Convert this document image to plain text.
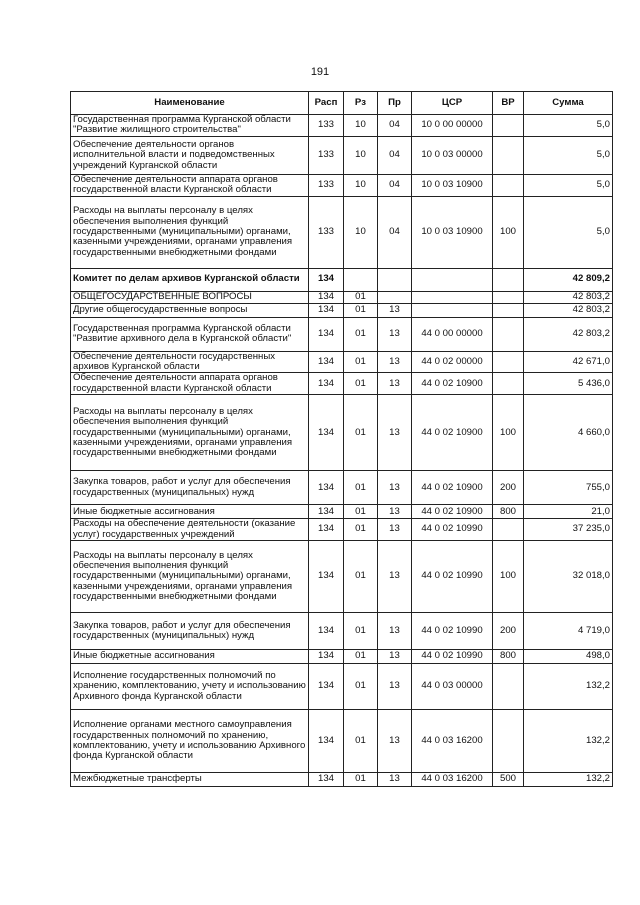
191
Наименование	Расп	Рз	Пр	ЦСР	ВР	Сумма
Государственная программа Курганской области "Развитие жилищного строительства"	133	10	04	10 0 00 00000		5,0
Обеспечение деятельности органов исполнительной власти и подведомственных учреждений Курганской области	133	10	04	10 0 03 00000		5,0
Обеспечение деятельности аппарата органов государственной власти Курганской области	133	10	04	10 0 03 10900		5,0
Расходы на выплаты персоналу в целях обеспечения выполнения функций государственными (муниципальными) органами, казенными учреждениями, органами управления государственными внебюджетными фондами	133	10	04	10 0 03 10900	100	5,0
Комитет по делам архивов Курганской области	134					42 809,2
ОБЩЕГОСУДАРСТВЕННЫЕ ВОПРОСЫ	134	01				42 803,2
Другие общегосударственные вопросы	134	01	13			42 803,2
Государственная программа Курганской области "Развитие архивного дела в Курганской области"	134	01	13	44 0 00 00000		42 803,2
Обеспечение деятельности государственных архивов Курганской области	134	01	13	44 0 02 00000		42 671,0
Обеспечение деятельности аппарата органов государственной власти Курганской области	134	01	13	44 0 02 10900		5 436,0
Расходы на выплаты персоналу в целях обеспечения выполнения функций государственными (муниципальными) органами, казенными учреждениями, органами управления государственными внебюджетными фондами	134	01	13	44 0 02 10900	100	4 660,0
Закупка товаров, работ и услуг для обеспечения государственных (муниципальных) нужд	134	01	13	44 0 02 10900	200	755,0
Иные бюджетные ассигнования	134	01	13	44 0 02 10900	800	21,0
Расходы на обеспечение деятельности (оказание услуг) государственных учреждений	134	01	13	44 0 02 10990		37 235,0
Расходы на выплаты персоналу в целях обеспечения выполнения функций государственными (муниципальными) органами, казенными учреждениями, органами управления государственными внебюджетными фондами	134	01	13	44 0 02 10990	100	32 018,0
Закупка товаров, работ и услуг для обеспечения государственных (муниципальных) нужд	134	01	13	44 0 02 10990	200	4 719,0
Иные бюджетные ассигнования	134	01	13	44 0 02 10990	800	498,0
Исполнение государственных полномочий по хранению, комплектованию, учету и использованию Архивного фонда Курганской области	134	01	13	44 0 03 00000		132,2
Исполнение органами местного самоуправления государственных полномочий по хранению, комплектованию, учету и использованию Архивного фонда Курганской области	134	01	13	44 0 03 16200		132,2
Межбюджетные трансферты	134	01	13	44 0 03 16200	500	132,2
